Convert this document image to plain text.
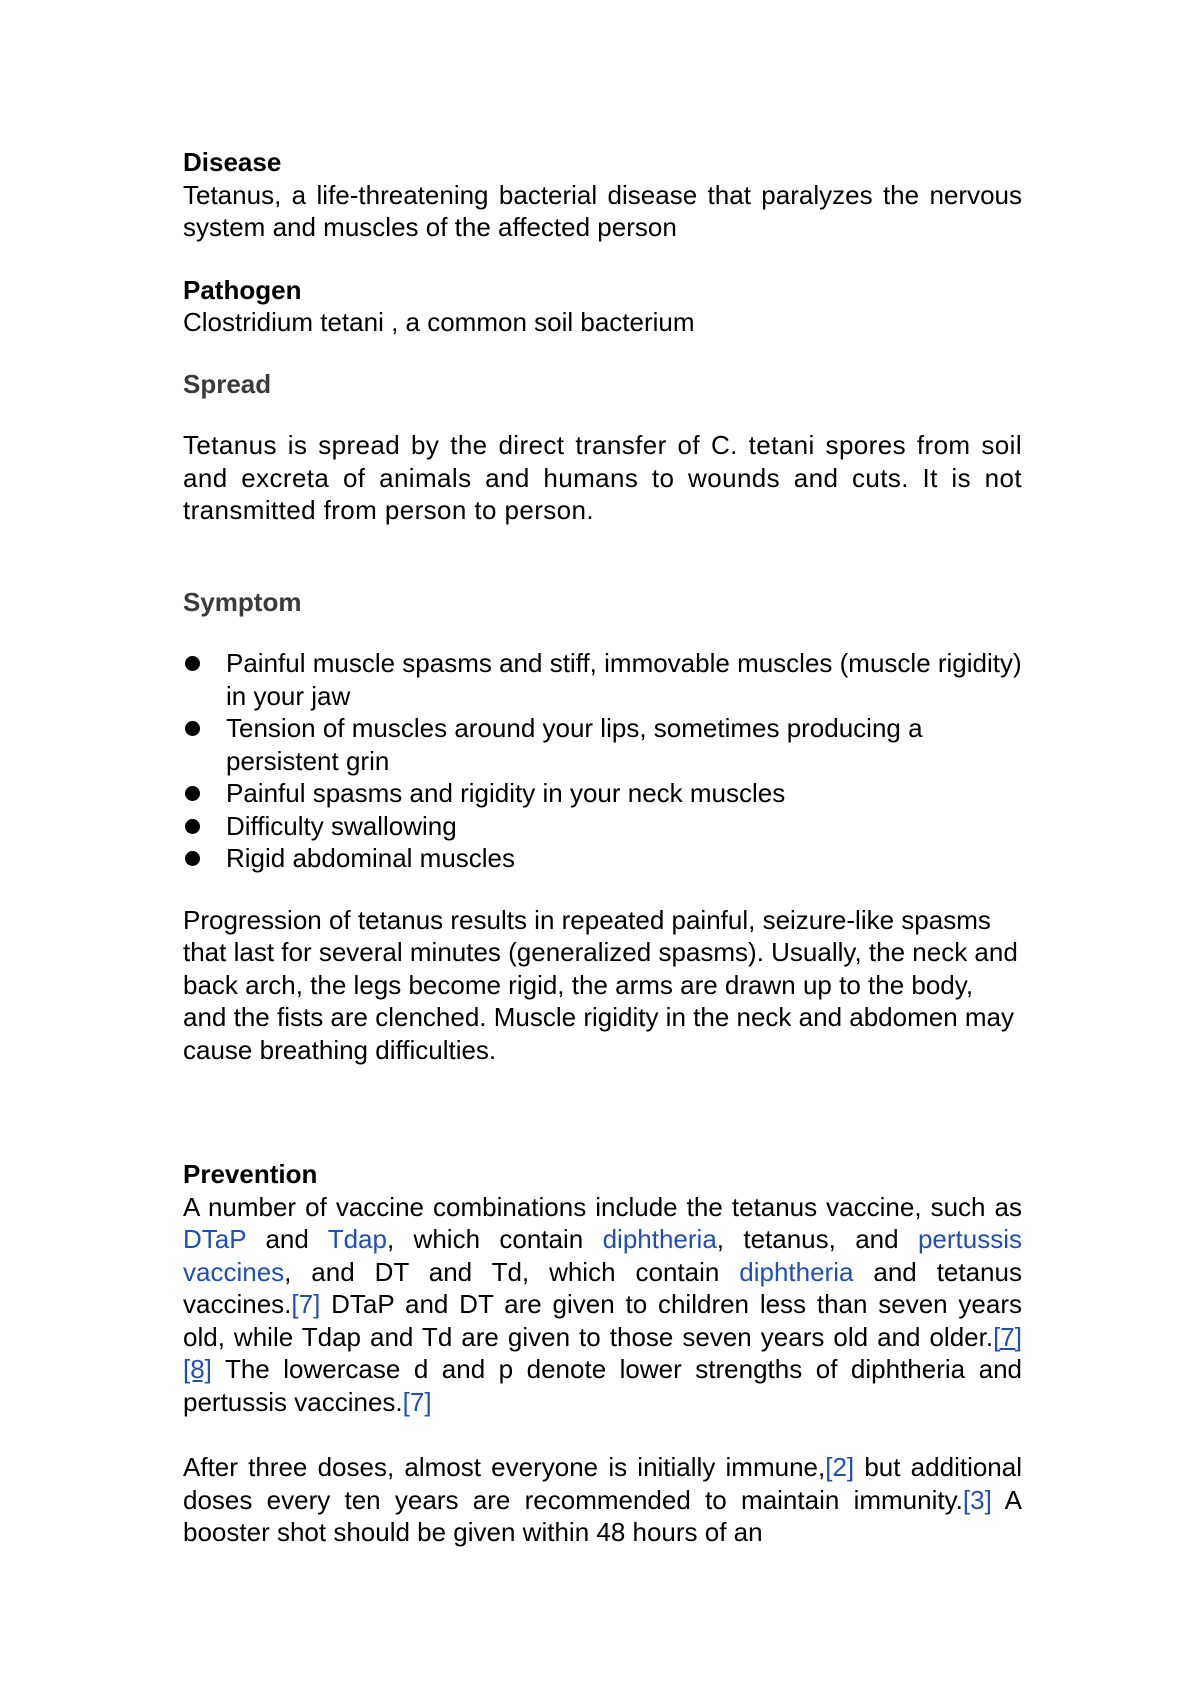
Disease

Tetanus, a life-threatening bacterial disease that paralyzes the nervous system and muscles of the affected person

Pathogen

Clostridium tetani , a common soil bacterium

Spread

Tetanus is spread by the direct transfer of C. tetani spores from soil and excreta of animals and humans to wounds and cuts. It is not transmitted from person to person.

Symptom

Painful muscle spasms and stiff, immovable muscles (muscle rigidity) in your jaw
Tension of muscles around your lips, sometimes producing a persistent grin
Painful spasms and rigidity in your neck muscles
Difficulty swallowing
Rigid abdominal muscles

Progression of tetanus results in repeated painful, seizure-like spasms that last for several minutes (generalized spasms). Usually, the neck and back arch, the legs become rigid, the arms are drawn up to the body, and the fists are clenched. Muscle rigidity in the neck and abdomen may cause breathing difficulties.

Prevention

A number of vaccine combinations include the tetanus vaccine, such as DTaP and Tdap, which contain diphtheria, tetanus, and pertussis vaccines, and DT and Td, which contain diphtheria and tetanus vaccines.[7] DTaP and DT are given to children less than seven years old, while Tdap and Td are given to those seven years old and older.[7][8] The lowercase d and p denote lower strengths of diphtheria and pertussis vaccines.[7]

After three doses, almost everyone is initially immune,[2] but additional doses every ten years are recommended to maintain immunity.[3] A booster shot should be given within 48 hours of an
